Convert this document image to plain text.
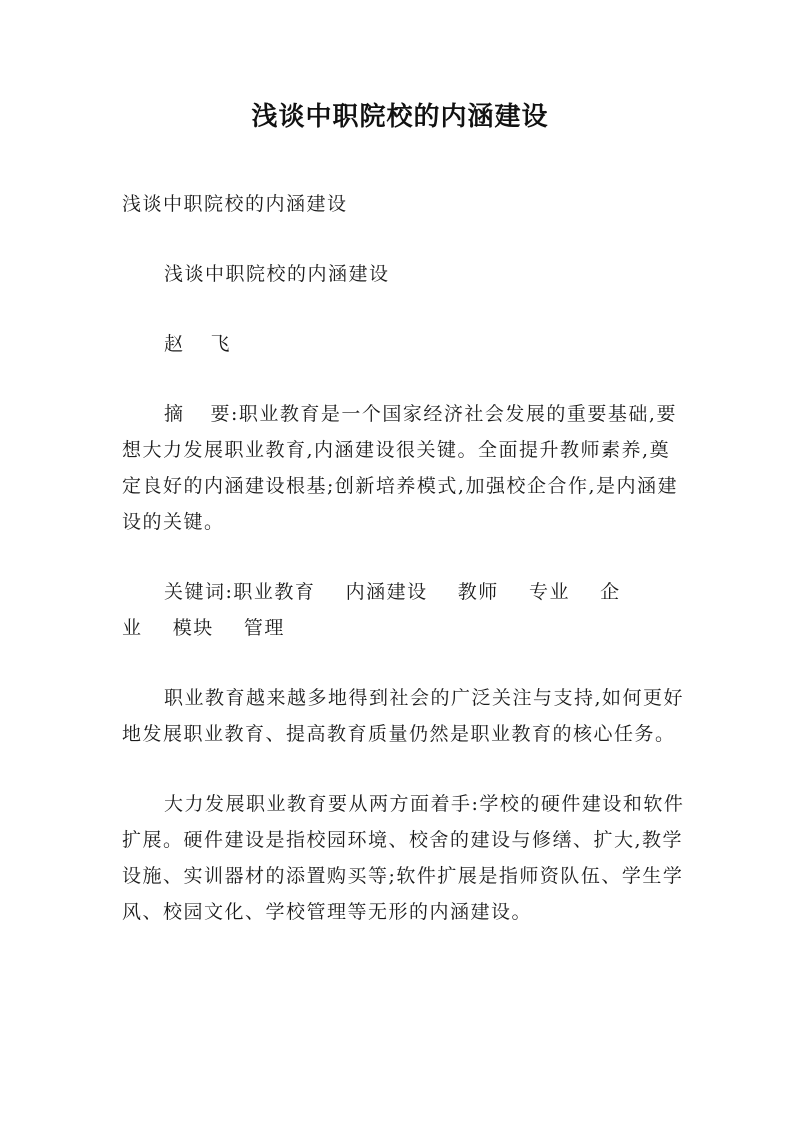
浅谈中职院校的内涵建设

浅谈中职院校的内涵建设

浅谈中职院校的内涵建设

赵 飞

摘 要:职业教育是一个国家经济社会发展的重要基础,要想大力发展职业教育,内涵建设很关键。全面提升教师素养,奠定良好的内涵建设根基;创新培养模式,加强校企合作,是内涵建设的关键。

关键词:职业教育 内涵建设 教师 专业 企业 模块 管理

职业教育越来越多地得到社会的广泛关注与支持,如何更好地发展职业教育、提高教育质量仍然是职业教育的核心任务。

大力发展职业教育要从两方面着手:学校的硬件建设和软件扩展。硬件建设是指校园环境、校舍的建设与修缮、扩大,教学设施、实训器材的添置购买等;软件扩展是指师资队伍、学生学风、校园文化、学校管理等无形的内涵建设。
